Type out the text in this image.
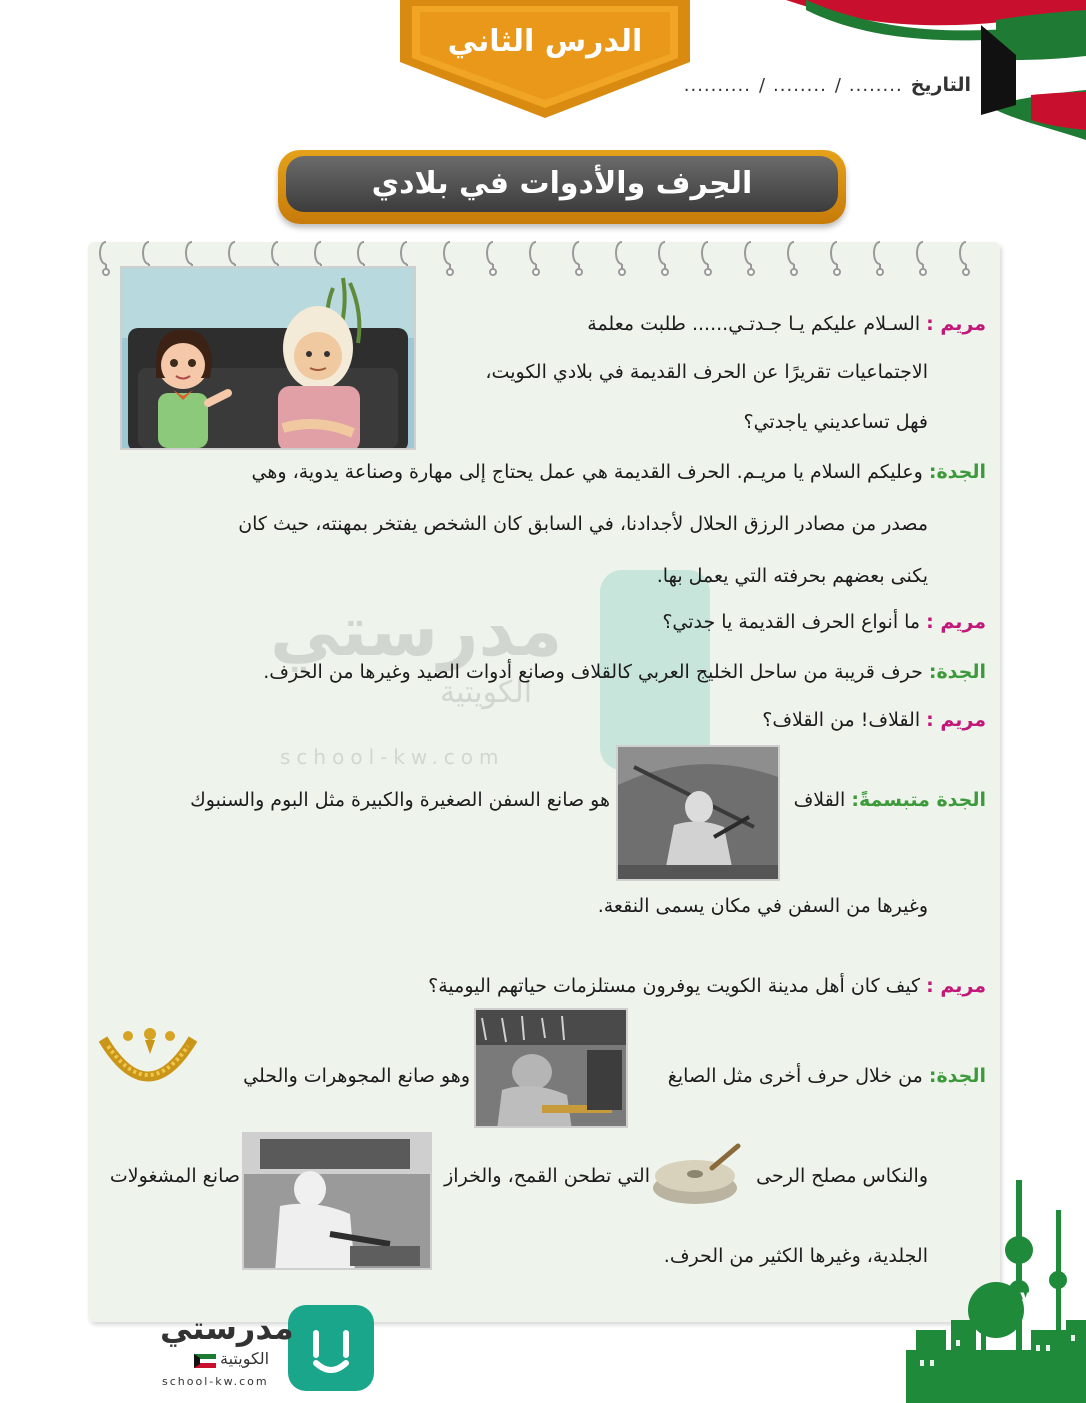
الدرس الثاني
التاريخ
........
/
........
/
..........
الحِرف والأدوات في بلادي
مدرستي
الكويتية
school-kw.com
مريم : السـلام عليكم يـا جـدتـي...... طلبت معلمة
الاجتماعيات تقريرًا عن الحرف القديمة في بلادي الكويت،
فهل تساعديني ياجدتي؟
الجدة: وعليكم السلام يا مريـم. الحرف القديمة هي عمل يحتاج إلى مهارة وصناعة يدوية، وهي
مصدر من مصادر الرزق الحلال لأجدادنا، في السابق كان الشخص يفتخر بمهنته، حيث كان
يكنى بعضهم بحرفته التي يعمل بها.
مريم : ما أنواع الحرف القديمة يا جدتي؟
الجدة: حرف قريبة من ساحل الخليج العربي كالقلاف وصانع أدوات الصيد وغيرها من الحرف.
مريم : القلاف! من القلاف؟
الجدة متبسمةً: القلاف
هو صانع السفن الصغيرة والكبيرة مثل البوم والسنبوك
وغيرها من السفن في مكان يسمى النقعة.
مريم : كيف كان أهل مدينة الكويت يوفرون مستلزمات حياتهم اليومية؟
الجدة: من خلال حرف أخرى مثل الصايغ
وهو صانع المجوهرات والحلي
والنكاس مصلح الرحى
التي تطحن القمح، والخراز
صانع المشغولات
الجلدية، وغيرها الكثير من الحرف.
مدرستي
الكويتية
school-kw.com
٧٠
